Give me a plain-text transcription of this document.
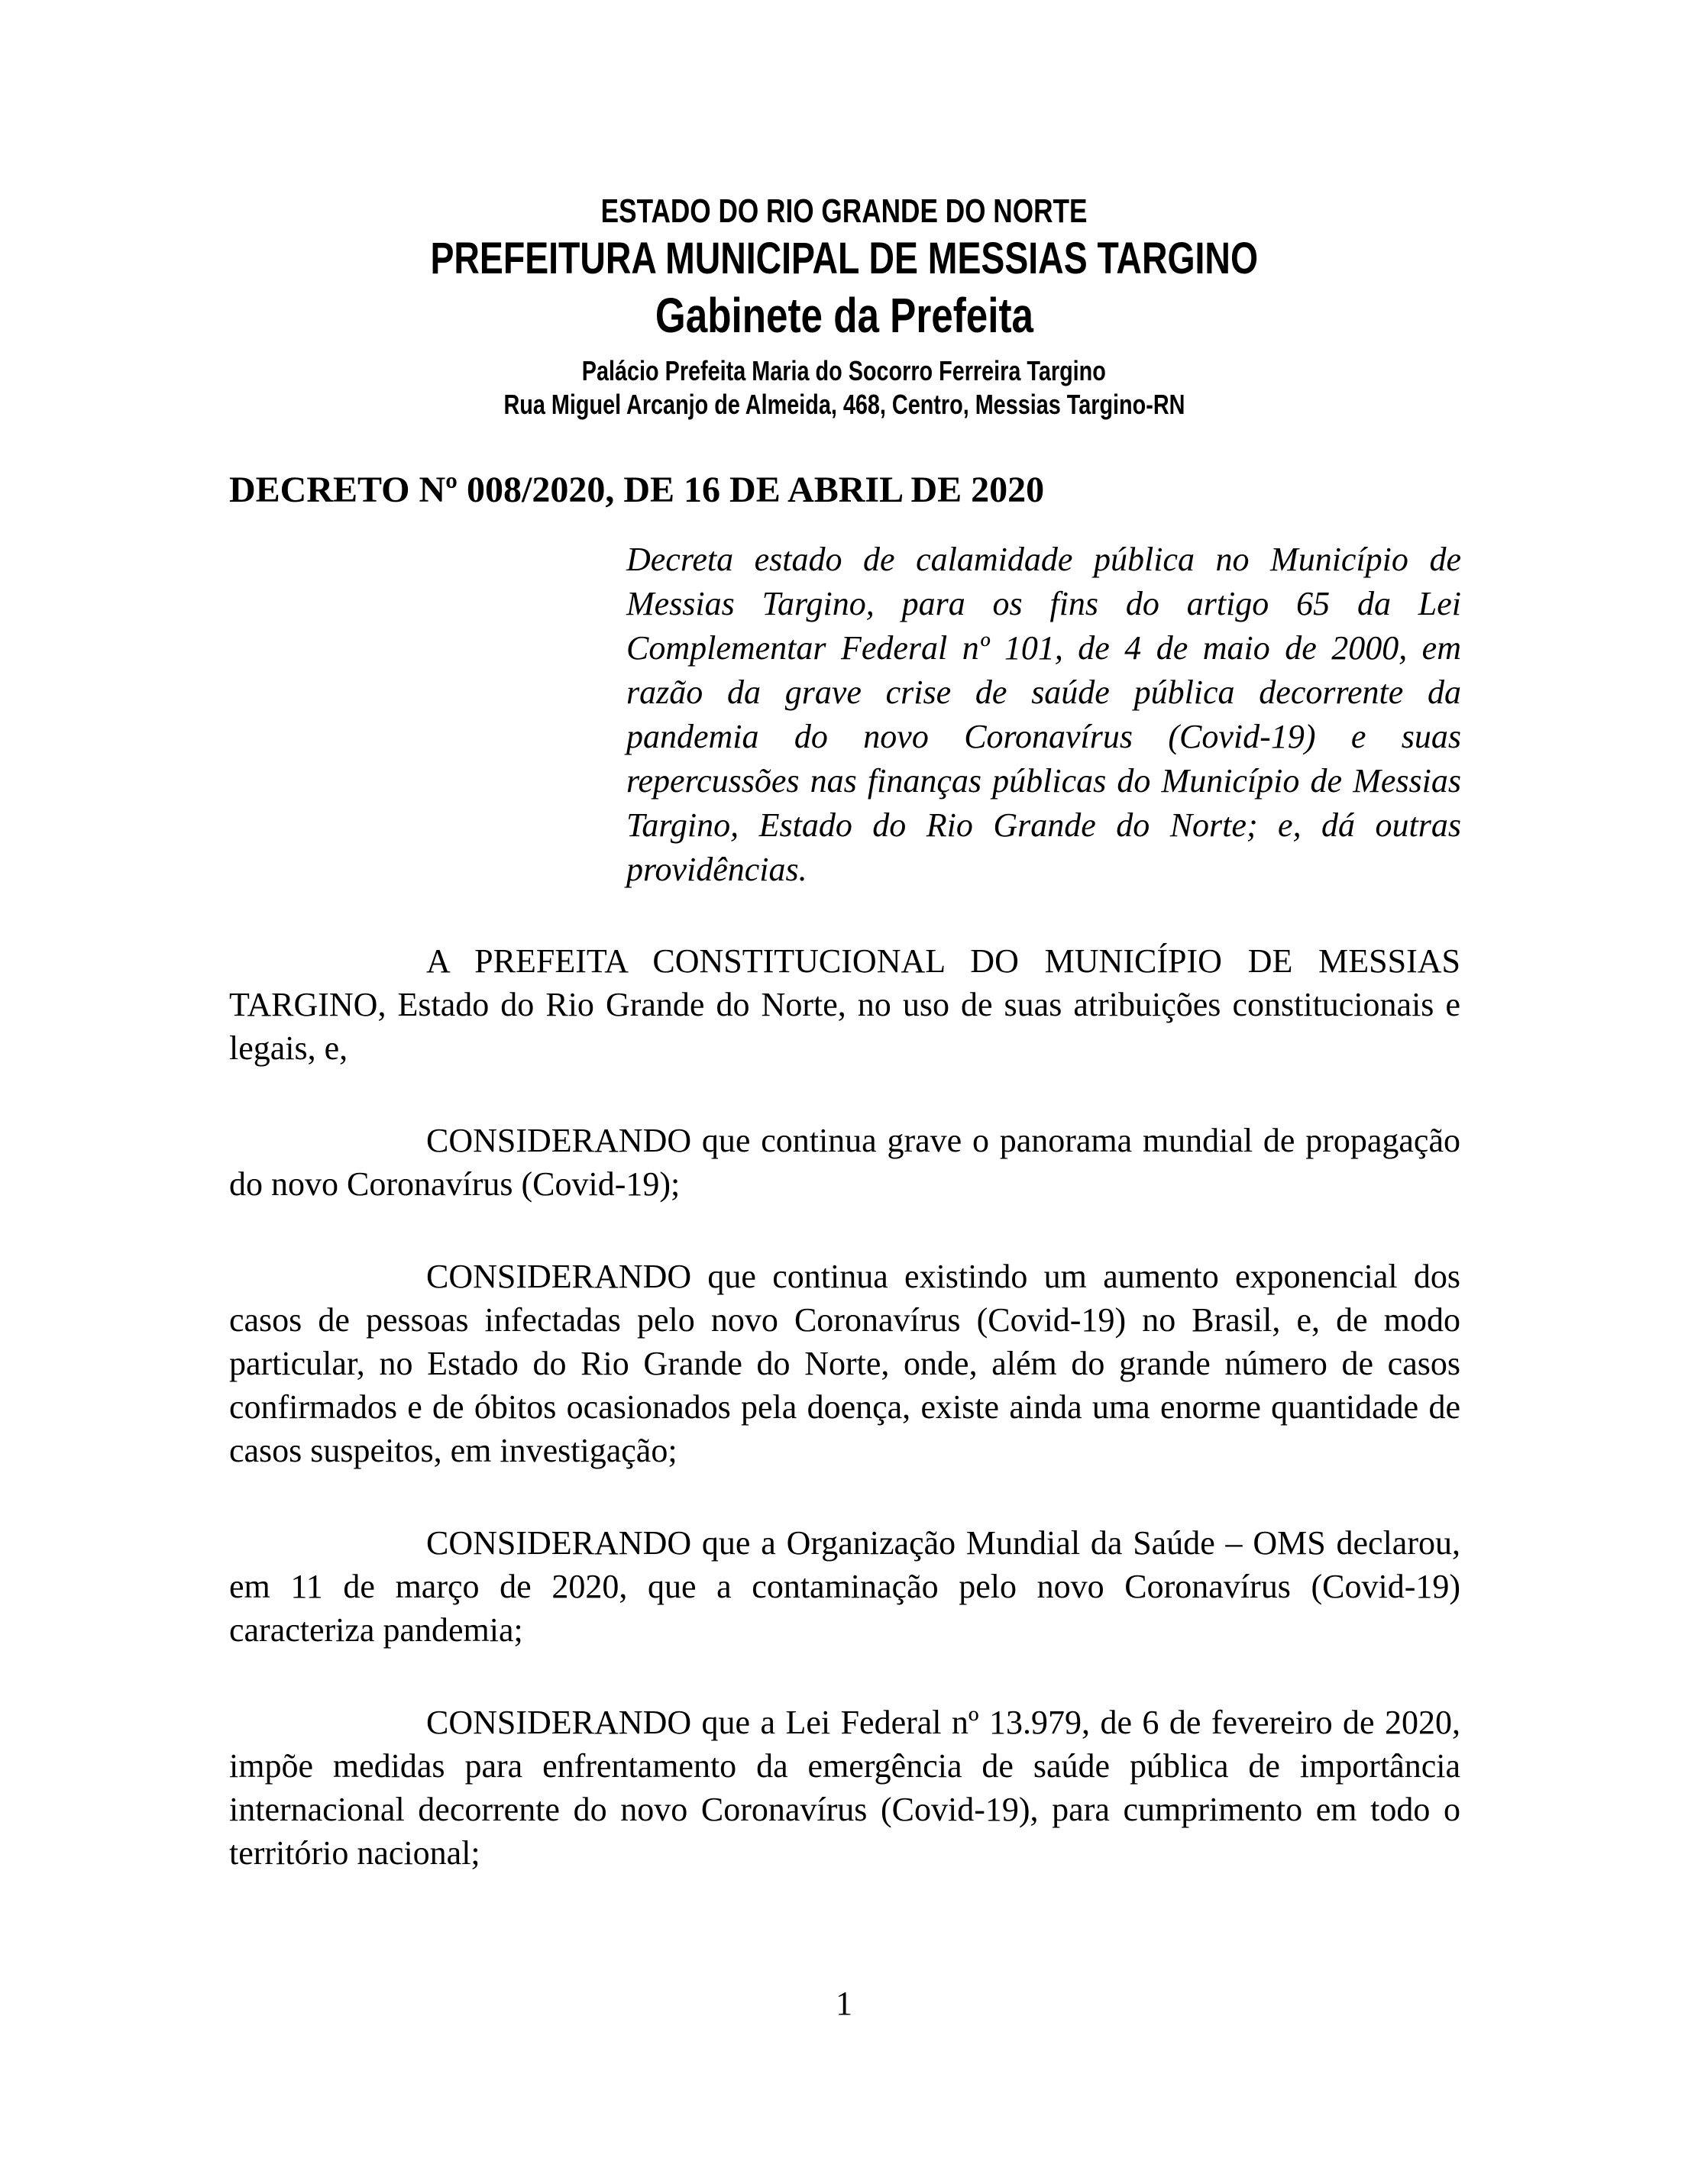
ESTADO DO RIO GRANDE DO NORTE
PREFEITURA MUNICIPAL DE MESSIAS TARGINO
Gabinete da Prefeita
Palácio Prefeita Maria do Socorro Ferreira Targino
Rua Miguel Arcanjo de Almeida, 468, Centro, Messias Targino-RN
DECRETO Nº 008/2020, DE 16 DE ABRIL DE 2020
Decreta estado de calamidade pública no Município de Messias Targino, para os fins do artigo 65 da Lei Complementar Federal nº 101, de 4 de maio de 2000, em razão da grave crise de saúde pública decorrente da pandemia do novo Coronavírus (Covid-19) e suas repercussões nas finanças públicas do Município de Messias Targino, Estado do Rio Grande do Norte; e, dá outras providências.

A PREFEITA CONSTITUCIONAL DO MUNICÍPIO DE MESSIAS TARGINO, Estado do Rio Grande do Norte, no uso de suas atribuições constitucionais e legais, e,

CONSIDERANDO que continua grave o panorama mundial de propagação do novo Coronavírus (Covid-19);

CONSIDERANDO que continua existindo um aumento exponencial dos casos de pessoas infectadas pelo novo Coronavírus (Covid-19) no Brasil, e, de modo particular, no Estado do Rio Grande do Norte, onde, além do grande número de casos confirmados e de óbitos ocasionados pela doença, existe ainda uma enorme quantidade de casos suspeitos, em investigação;

CONSIDERANDO que a Organização Mundial da Saúde – OMS declarou, em 11 de março de 2020, que a contaminação pelo novo Coronavírus (Covid-19) caracteriza pandemia;

CONSIDERANDO que a Lei Federal nº 13.979, de 6 de fevereiro de 2020, impõe medidas para enfrentamento da emergência de saúde pública de importância internacional decorrente do novo Coronavírus (Covid-19), para cumprimento em todo o território nacional;

1
